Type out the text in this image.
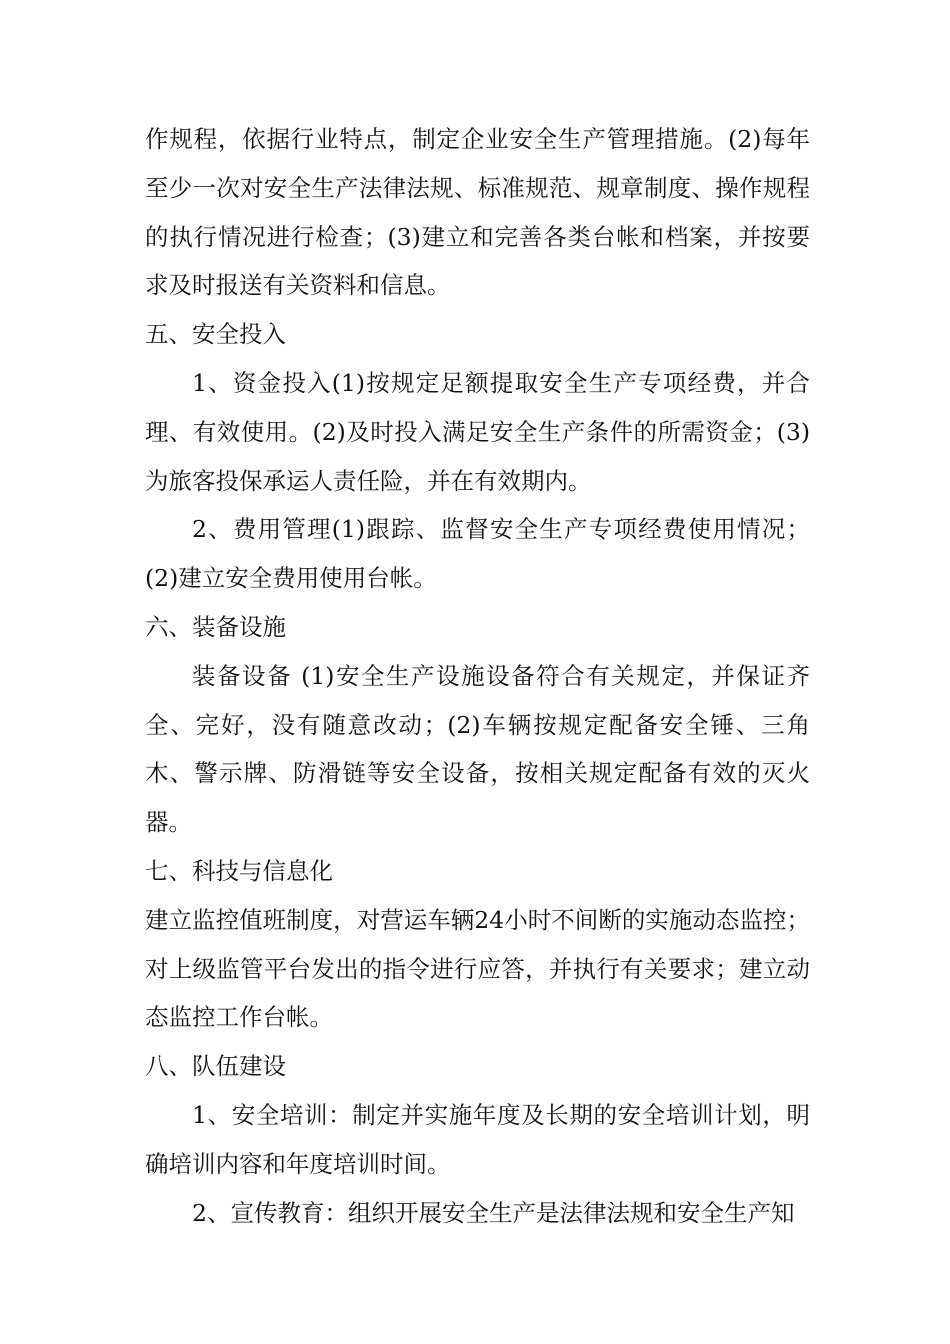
作规程，依据行业特点，制定企业安全生产管理措施。(2)每年至少一次对安全生产法律法规、标准规范、规章制度、操作规程的执行情况进行检查；(3)建立和完善各类台帐和档案，并按要求及时报送有关资料和信息。

五、安全投入

1、资金投入(1)按规定足额提取安全生产专项经费，并合理、有效使用。(2)及时投入满足安全生产条件的所需资金；(3)为旅客投保承运人责任险，并在有效期内。

2、费用管理(1)跟踪、监督安全生产专项经费使用情况；(2)建立安全费用使用台帐。

六、装备设施

装备设备 (1)安全生产设施设备符合有关规定，并保证齐全、完好，没有随意改动；(2)车辆按规定配备安全锤、三角木、警示牌、防滑链等安全设备，按相关规定配备有效的灭火器。

七、科技与信息化

建立监控值班制度，对营运车辆24小时不间断的实施动态监控；对上级监管平台发出的指令进行应答，并执行有关要求；建立动态监控工作台帐。

八、队伍建设

1、安全培训：制定并实施年度及长期的安全培训计划，明确培训内容和年度培训时间。

2、宣传教育：组织开展安全生产是法律法规和安全生产知
